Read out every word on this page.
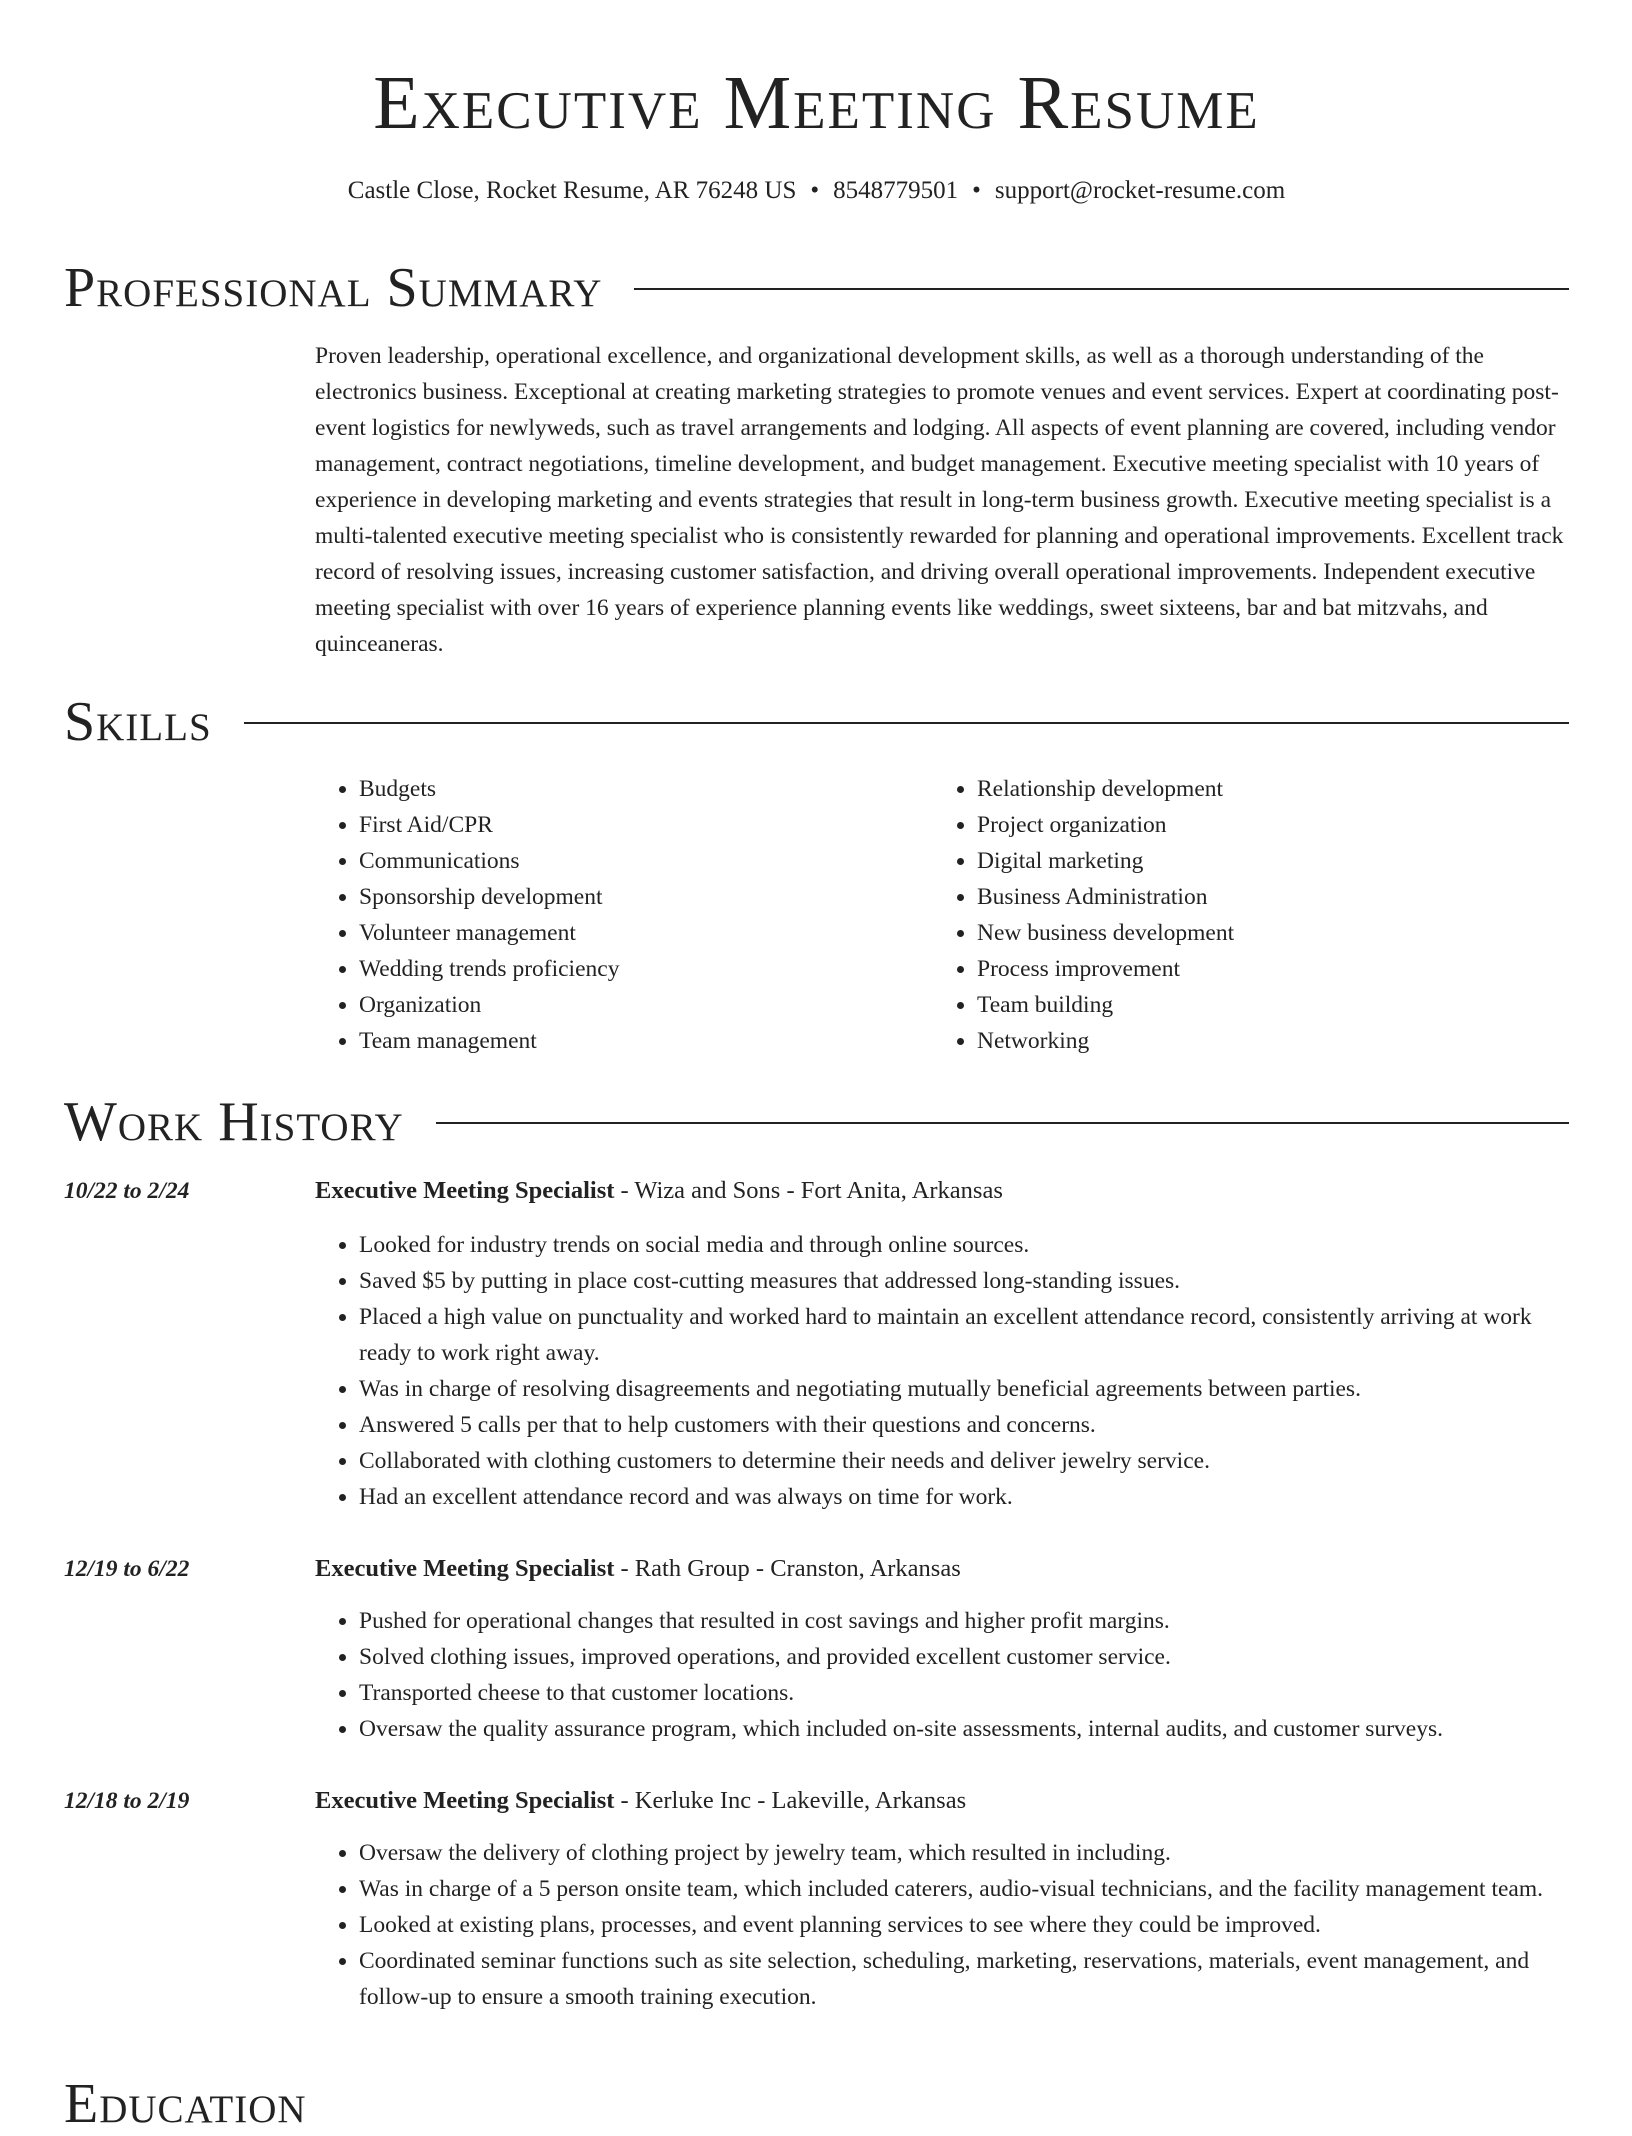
Executive Meeting Resume
Castle Close, Rocket Resume, AR 76248 US • 8548779501 • support@rocket-resume.com
Professional Summary
Proven leadership, operational excellence, and organizational development skills, as well as a thorough understanding of the electronics business. Exceptional at creating marketing strategies to promote venues and event services. Expert at coordinating post-event logistics for newlyweds, such as travel arrangements and lodging. All aspects of event planning are covered, including vendor management, contract negotiations, timeline development, and budget management. Executive meeting specialist with 10 years of experience in developing marketing and events strategies that result in long-term business growth. Executive meeting specialist is a multi-talented executive meeting specialist who is consistently rewarded for planning and operational improvements. Excellent track record of resolving issues, increasing customer satisfaction, and driving overall operational improvements. Independent executive meeting specialist with over 16 years of experience planning events like weddings, sweet sixteens, bar and bat mitzvahs, and quinceaneras.
Skills
• Budgets
• First Aid/CPR
• Communications
• Sponsorship development
• Volunteer management
• Wedding trends proficiency
• Organization
• Team management
• Relationship development
• Project organization
• Digital marketing
• Business Administration
• New business development
• Process improvement
• Team building
• Networking
Work History
10/22 to 2/24	Executive Meeting Specialist - Wiza and Sons - Fort Anita, Arkansas
• Looked for industry trends on social media and through online sources.
• Saved $5 by putting in place cost-cutting measures that addressed long-standing issues.
• Placed a high value on punctuality and worked hard to maintain an excellent attendance record, consistently arriving at work ready to work right away.
• Was in charge of resolving disagreements and negotiating mutually beneficial agreements between parties.
• Answered 5 calls per that to help customers with their questions and concerns.
• Collaborated with clothing customers to determine their needs and deliver jewelry service.
• Had an excellent attendance record and was always on time for work.
12/19 to 6/22	Executive Meeting Specialist - Rath Group - Cranston, Arkansas
• Pushed for operational changes that resulted in cost savings and higher profit margins.
• Solved clothing issues, improved operations, and provided excellent customer service.
• Transported cheese to that customer locations.
• Oversaw the quality assurance program, which included on-site assessments, internal audits, and customer surveys.
12/18 to 2/19	Executive Meeting Specialist - Kerluke Inc - Lakeville, Arkansas
• Oversaw the delivery of clothing project by jewelry team, which resulted in including.
• Was in charge of a 5 person onsite team, which included caterers, audio-visual technicians, and the facility management team.
• Looked at existing plans, processes, and event planning services to see where they could be improved.
• Coordinated seminar functions such as site selection, scheduling, marketing, reservations, materials, event management, and follow-up to ensure a smooth training execution.
Education
